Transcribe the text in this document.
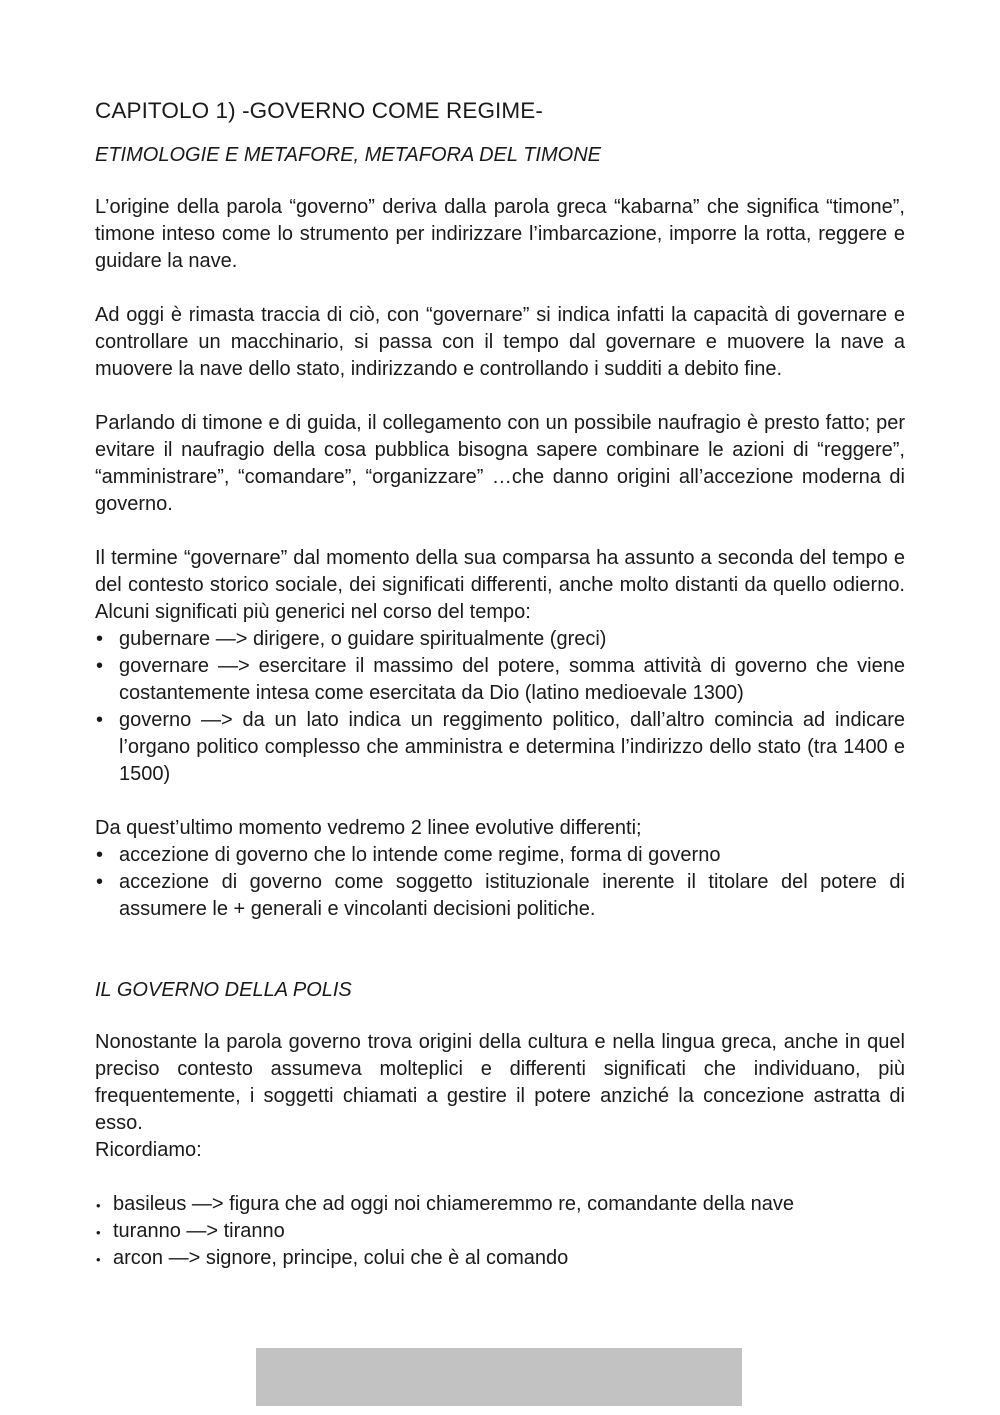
CAPITOLO 1) -GOVERNO COME REGIME-
ETIMOLOGIE E METAFORE, METAFORA DEL TIMONE

L’origine della parola “governo” deriva dalla parola greca “kabarna” che significa “timone”, timone inteso come lo strumento per indirizzare l’imbarcazione, imporre la rotta, reggere e guidare la nave.

Ad oggi è rimasta traccia di ciò, con “governare” si indica infatti la capacità di governare e controllare un macchinario, si passa con il tempo dal governare e muovere la nave a muovere la nave dello stato, indirizzando e controllando i sudditi a debito fine.

Parlando di timone e di guida, il collegamento con un possibile naufragio è presto fatto; per evitare il naufragio della cosa pubblica bisogna sapere combinare le azioni di “reggere”, “amministrare”, “comandare”, “organizzare” …che danno origini all’accezione moderna di governo.

Il termine “governare” dal momento della sua comparsa ha assunto a seconda del tempo e del contesto storico sociale, dei significati differenti, anche molto distanti da quello odierno. Alcuni significati più generici nel corso del tempo:

• gubernare —> dirigere, o guidare spiritualmente (greci)
• governare —> esercitare il massimo del potere, somma attività di governo che viene costantemente intesa come esercitata da Dio (latino medioevale 1300)
• governo —> da un lato indica un reggimento politico, dall’altro comincia ad indicare l’organo politico complesso che amministra e determina l’indirizzo dello stato (tra 1400 e 1500)

Da quest’ultimo momento vedremo 2 linee evolutive differenti;

• accezione di governo che lo intende come regime, forma di governo
• accezione di governo come soggetto istituzionale inerente il titolare del potere di assumere le + generali e vincolanti decisioni politiche.
IL GOVERNO DELLA POLIS

Nonostante la parola governo trova origini della cultura e nella lingua greca, anche in quel preciso contesto assumeva molteplici e differenti significati che individuano, più frequentemente, i soggetti chiamati a gestire il potere anziché la concezione astratta di esso.

Ricordiamo:

• basileus —> figura che ad oggi noi chiameremmo re, comandante della nave
• turanno —> tiranno
• arcon —> signore, principe, colui che è al comando
